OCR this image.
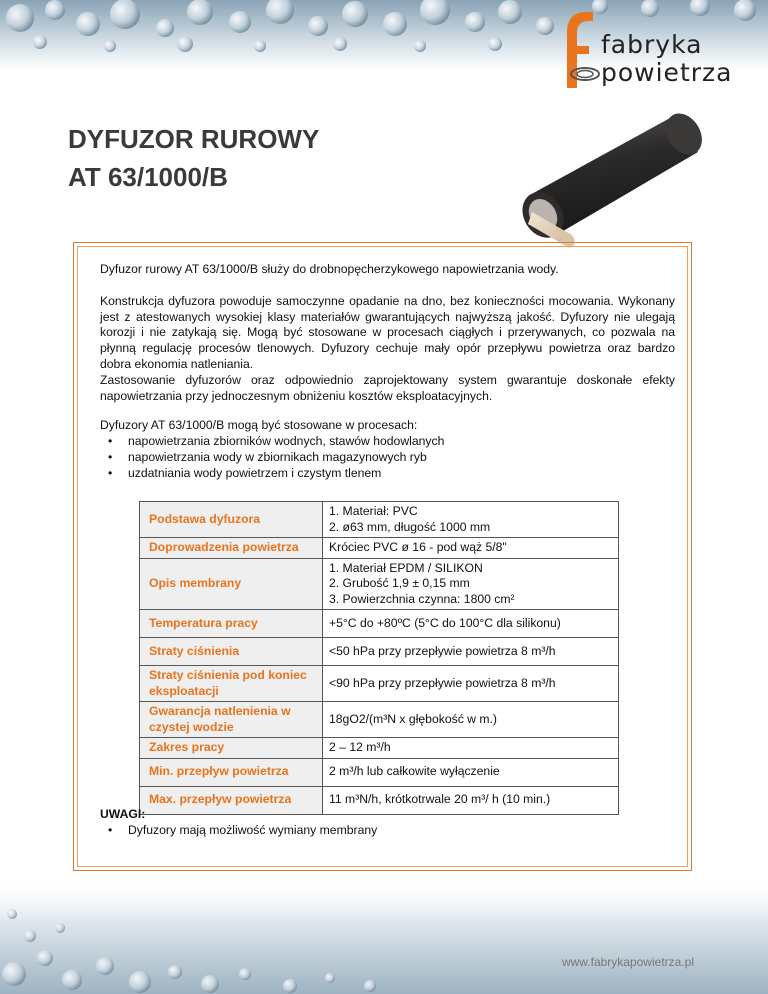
fabryka
powietrza
DYFUZOR RUROWY
AT 63/1000/B

Dyfuzor rurowy AT 63/1000/B służy do drobnopęcherzykowego napowietrzania wody.

Konstrukcja dyfuzora powoduje samoczynne opadanie na dno, bez konieczności mocowania. Wykonany jest z atestowanych wysokiej klasy materiałów gwarantujących najwyższą jakość. Dyfuzory nie ulegają korozji i nie zatykają się. Mogą być stosowane w procesach ciągłych i przerywanych, co pozwala na płynną regulację procesów tlenowych. Dyfuzory cechuje mały opór przepływu powietrza oraz bardzo dobra ekonomia natleniania.

Zastosowanie dyfuzorów oraz odpowiednio zaprojektowany system gwarantuje doskonałe efekty napowietrzania przy jednoczesnym obniżeniu kosztów eksploatacyjnych.

Dyfuzory AT 63/1000/B mogą być stosowane w procesach:

• napowietrzania zbiorników wodnych, stawów hodowlanych
• napowietrzania wody w zbiornikach magazynowych ryb
• uzdatniania wody powietrzem i czystym tlenem
Podstawa dyfuzora	1. Materiał: PVC
2. ø63 mm, długość 1000 mm

Doprowadzenia powietrza	Króciec PVC ø 16 - pod wąż 5/8"
Opis membrany	1. Materiał EPDM / SILIKON
2. Grubość 1,9 ± 0,15 mm
3. Powierzchnia czynna: 1800 cm²

Temperatura pracy	+5°C do +80ºC (5°C do 100°C dla silikonu)
Straty ciśnienia	<50 hPa przy przepływie powietrza 8 m³/h
Straty ciśnienia pod koniec eksploatacji	<90 hPa przy przepływie powietrza 8 m³/h
Gwarancja natlenienia w czystej wodzie	18gO2/(m³N x głębokość w m.)
Zakres pracy	2 – 12 m³/h
Min. przepływ powietrza	2 m³/h lub całkowite wyłączenie
Max. przepływ powietrza	11 m³N/h, krótkotrwale 20 m³/ h (10 min.)
UWAGI:
• Dyfuzory mają możliwość wymiany membrany
www.fabrykapowietrza.pl
